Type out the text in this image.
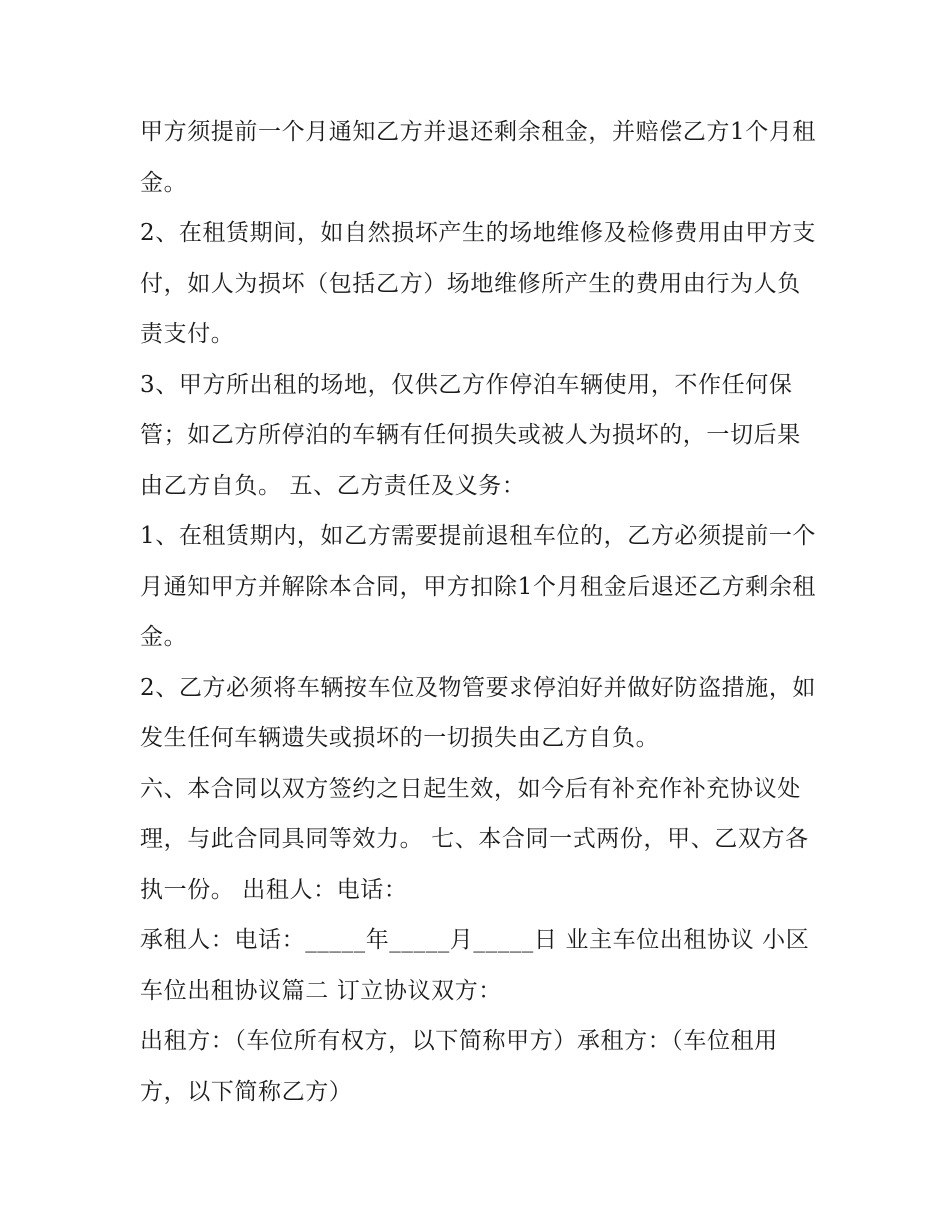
甲方须提前一个月通知乙方并退还剩余租金，并赔偿乙方1个月租金。

2、在租赁期间，如自然损坏产生的场地维修及检修费用由甲方支付，如人为损坏（包括乙方）场地维修所产生的费用由行为人负责支付。

3、甲方所出租的场地，仅供乙方作停泊车辆使用，不作任何保管；如乙方所停泊的车辆有任何损失或被人为损坏的，一切后果由乙方自负。 五、乙方责任及义务：

1、在租赁期内，如乙方需要提前退租车位的，乙方必须提前一个月通知甲方并解除本合同，甲方扣除1个月租金后退还乙方剩余租金。

2、乙方必须将车辆按车位及物管要求停泊好并做好防盗措施，如发生任何车辆遗失或损坏的一切损失由乙方自负。

六、本合同以双方签约之日起生效，如今后有补充作补充协议处理，与此合同具同等效力。 七、本合同一式两份，甲、乙双方各执一份。 出租人：电话：

承租人：电话：_____年_____月_____日 业主车位出租协议 小区车位出租协议篇二 订立协议双方：

出租方：（车位所有权方，以下简称甲方）承租方：（车位租用方，以下简称乙方）
